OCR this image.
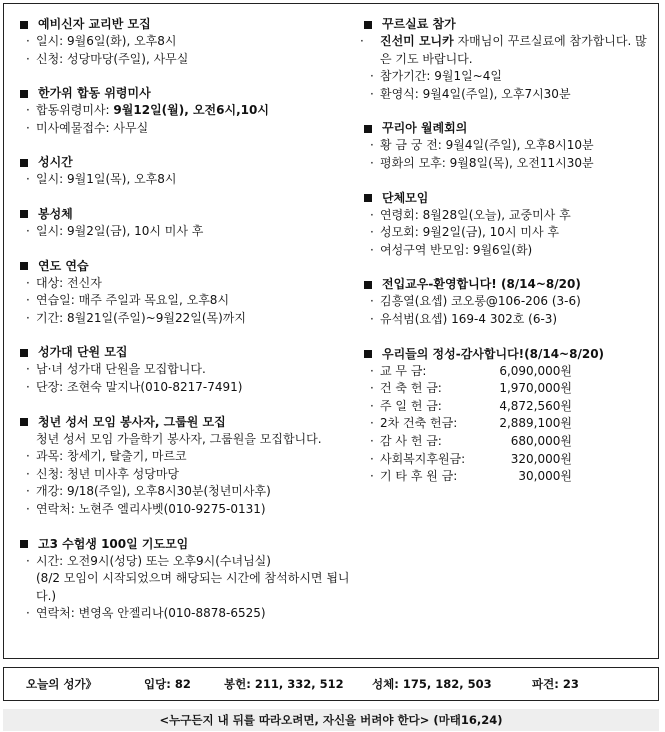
예비신자 교리반 모집
· 일시: 9월6일(화), 오후8시
· 신청: 성당마당(주일), 사무실
한가위 합동 위령미사
· 합동위령미사: 9월12일(월), 오전6시,10시
· 미사예물접수: 사무실
성시간
· 일시: 9월1일(목), 오후8시
봉성체
· 일시: 9월2일(금), 10시 미사 후
연도 연습
· 대상: 전신자
· 연습일: 매주 주일과 목요일, 오후8시
· 기간: 8월21일(주일)~9월22일(목)까지
성가대 단원 모집
· 남·녀 성가대 단원을 모집합니다.
· 단장: 조현숙 말지나(010-8217-7491)
청년 성서 모임 봉사자, 그룹원 모집
청년 성서 모임 가을학기 봉사자, 그룹원을 모집합니다.
· 과목: 창세기, 탈출기, 마르코
· 신청: 청년 미사후 성당마당
· 개강: 9/18(주일), 오후8시30분(청년미사후)
· 연락처: 노현주 엘리사벳(010-9275-0131)
고3 수험생 100일 기도모임
· 시간: 오전9시(성당) 또는 오후9시(수녀님실)
(8/2 모임이 시작되었으며 해당되는 시간에 참석하시면 됩니다.)
· 연락처: 변영옥 안젤리나(010-8878-6525)
꾸르실료 참가
· 진선미 모니카 자매님이 꾸르실료에 참가합니다. 많은 기도 바랍니다.
· 참가기간: 9월1일~4일
· 환영식: 9월4일(주일), 오후7시30분
꾸리아 월례회의
· 황 금 궁 전: 9월4일(주일), 오후8시10분
· 평화의 모후: 9월8일(목), 오전11시30분
단체모임
· 연령회: 8월28일(오늘), 교중미사 후
· 성모회: 9월2일(금), 10시 미사 후
· 여성구역 반모임: 9월6일(화)
전입교우-환영합니다! (8/14~8/20)
· 김흥열(요셉) 코오롱@106-206 (3-6)
· 유석범(요셉) 169-4 302호 (6-3)
우리들의 정성-감사합니다!(8/14~8/20)
· 교 무 금:	6,090,000원
· 건 축 헌 금:	1,970,000원
· 주 일 헌 금:	4,872,560원
· 2차 건축 헌금:	2,889,100원
· 감 사 헌 금:	680,000원
· 사회복지후원금:	320,000원
· 기 타 후 원 금:	30,000원
오늘의 성가》	입당: 82	봉헌: 211, 332, 512	성체: 175, 182, 503	파견: 23
<누구든지 내 뒤를 따라오려면, 자신을 버려야 한다> (마태16,24)
